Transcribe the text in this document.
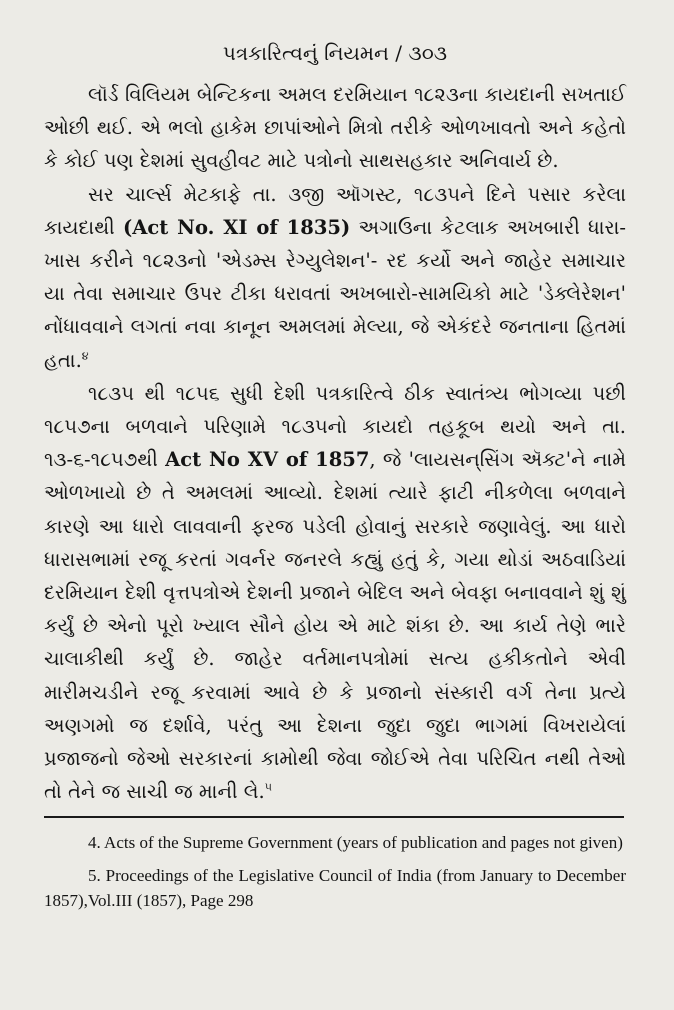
પત્રકારિત્વનું નિયમન / ૩૦૩

લૉર્ડ વિલિયમ બેન્ટિકના અમલ દરમિયાન ૧૮૨૩ના કાયદાની સખતાઈ ઓછી થઈ. એ ભલો હાકેમ છાપાંઓને મિત્રો તરીકે ઓળખાવતો અને કહેતો કે કોઈ પણ દેશમાં સુવહીવટ માટે પત્રોનો સાથસહકાર અનિવાર્ય છે.

સર ચાર્લ્સ મેટકાફે તા. ૩જી ઑગસ્ટ, ૧૮૩૫ને દિને પસાર કરેલા કાયદાથી (Act No. XI of 1835) અગાઉના કેટલાક અખબારી ધારા-ખાસ કરીને ૧૮૨૩નો 'એડમ્સ રેગ્યુલેશન'- રદ કર્યો અને જાહેર સમાચાર યા તેવા સમાચાર ઉપર ટીકા ધરાવતાં અખબારો-સામયિકો માટે 'ડેક્લેરેશન' નોંધાવવાને લગતાં નવા કાનૂન અમલમાં મેલ્યા, જે એકંદરે જનતાના હિતમાં હતા.$^૪$

૧૮૩૫ થી ૧૮૫૬ સુધી દેશી પત્રકારિત્વે ઠીક સ્વાતંત્ર્ય ભોગવ્યા પછી ૧૮૫૭ના બળવાને પરિણામે ૧૮૩૫નો કાયદો તહકૂબ થયો અને તા. ૧૩-૬-૧૮૫૭થી Act No XV of 1857, જે 'લાયસન્‌સિંગ ઍક્ટ'ને નામે ઓળખાયો છે તે અમલમાં આવ્યો. દેશમાં ત્યારે ફાટી નીકળેલા બળવાને કારણે આ ધારો લાવવાની ફરજ પડેલી હોવાનું સરકારે જણાવેલું. આ ધારો ધારાસભામાં રજૂ કરતાં ગવર્નર જનરલે કહ્યું હતું કે, ગયા થોડાં અઠવાડિયાં દરમિયાન દેશી વૃત્તપત્રોએ દેશની પ્રજાને બેદિલ અને બેવફા બનાવવાને શું શું કર્યું છે એનો પૂરો ખ્યાલ સૌને હોય એ માટે શંકા છે. આ કાર્ય તેણે ભારે ચાલાકીથી કર્યું છે. જાહેર વર્તમાનપત્રોમાં સત્ય હકીકતોને એવી મારીમચડીને રજૂ કરવામાં આવે છે કે પ્રજાનો સંસ્કારી વર્ગ તેના પ્રત્યે અણગમો જ દર્શાવે, પરંતુ આ દેશના જુદા જુદા ભાગમાં વિખરાયેલાં પ્રજાજનો જેઓ સરકારનાં કામોથી જેવા જોઈએ તેવા પરિચિત નથી તેઓ તો તેને જ સાચી જ માની લે.$^૫$

4. Acts of the Supreme Government (years of publication and pages not given)

5. Proceedings of the Legislative Council of India (from January to December 1857),Vol.III (1857), Page 298
